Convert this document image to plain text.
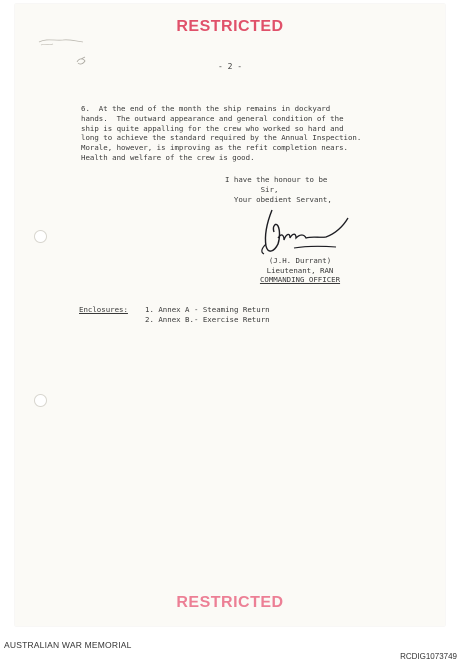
RESTRICTED
- 2 -
6.  At the end of the month the ship remains in dockyard
hands.  The outward appearance and general condition of the
ship is quite appalling for the crew who worked so hard and
long to achieve the standard required by the Annual Inspection.
Morale, however, is improving as the refit completion nears.
Health and welfare of the crew is good.
I have the honour to be
Sir,
Your obedient Servant,
(J.H. Durrant)
Lieutenant, RAN
COMMANDING OFFICER
Enclosures: 1. Annex A - Steaming Return
2. Annex B.- Exercise Return
RESTRICTED
AUSTRALIAN WAR MEMORIAL
RCDIG1073749
